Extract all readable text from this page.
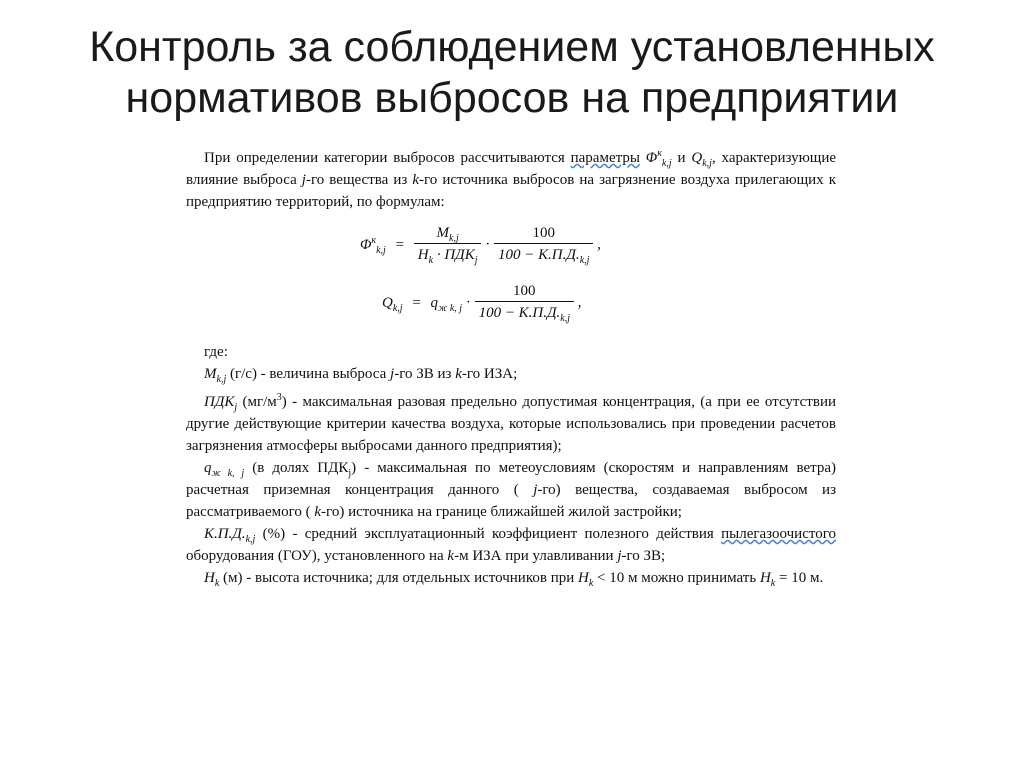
Контроль за соблюдением установленных
нормативов выбросов на предприятии

При определении категории выбросов рассчитываются параметры $\Phi^к_{k,j}$ и $Q_{k,j}$, характеризующие влияние выброса j-го вещества из k-го источника выбросов на загрязнение воздуха прилегающих к предприятию территорий, по формулам:

$\Phi^к_{k,j} = \frac{M_{k,j}}{H_k \cdot ПДК_j} \cdot \frac{100}{100 - К.П.Д._{k,j}}$ ,
$Q_{k,j} = q_{ж k, j} \cdot \frac{100}{100 - К.П.Д._{k,j}}$ ,

где:

$M_{k,j}$ (г/с) - величина выброса j-го ЗВ из k-го ИЗА;

$ПДК_j$ $(мг/м^3)$ - максимальная разовая предельно допустимая концентрация, (а при ее отсутствии другие действующие критерии качества воздуха, которые использовались при проведении расчетов загрязнения атмосферы выбросами данного предприятия);

$q_{ж k, j}$ (в долях $ПДК_j$) - максимальная по метеоусловиям (скоростям и направлениям ветра) расчетная приземная концентрация данного ( j-го) вещества, создаваемая выбросом из рассматриваемого ( k-го) источника на границе ближайшей жилой застройки;

$К.П.Д._{k,j}$ (%) - средний эксплуатационный коэффициент полезного действия пылегазоочистого оборудования (ГОУ), установленного на k-м ИЗА при улавливании j-го ЗВ;

$H_k$ (м) - высота источника; для отдельных источников при $H_k < 10$ м можно принимать $H_k = 10$ м.
